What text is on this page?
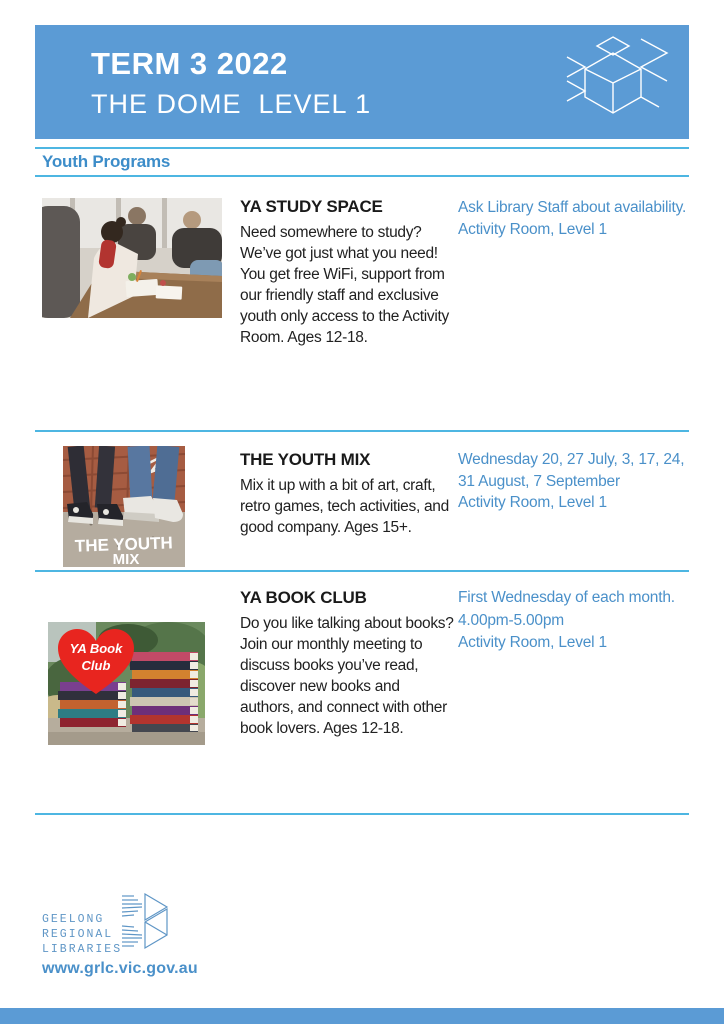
TERM 3 2022
THE DOME  LEVEL 1
Youth Programs
YA STUDY SPACE

Need somewhere to study? We’ve got just what you need! You get free WiFi, support from our friendly staff and exclusive youth only access to the Activity Room. Ages 12-18.

Ask Library Staff about availability.

Activity Room, Level 1

THE YOUTH
MIX
THE YOUTH MIX

Mix it up with a bit of art, craft, retro games, tech activities, and good company. Ages 15+.

Wednesday 20, 27 July, 3, 17, 24, 31 August, 7 September

Activity Room, Level 1

YA Book
Club
YA BOOK CLUB

Do you like talking about books? Join our monthly meeting to discuss books you’ve read, discover new books and authors, and connect with other book lovers. Ages 12-18.

First Wednesday of each month.

4.00pm-5.00pm

Activity Room, Level 1

GEELONG
REGIONAL
LIBRARIES
www.grlc.vic.gov.au
